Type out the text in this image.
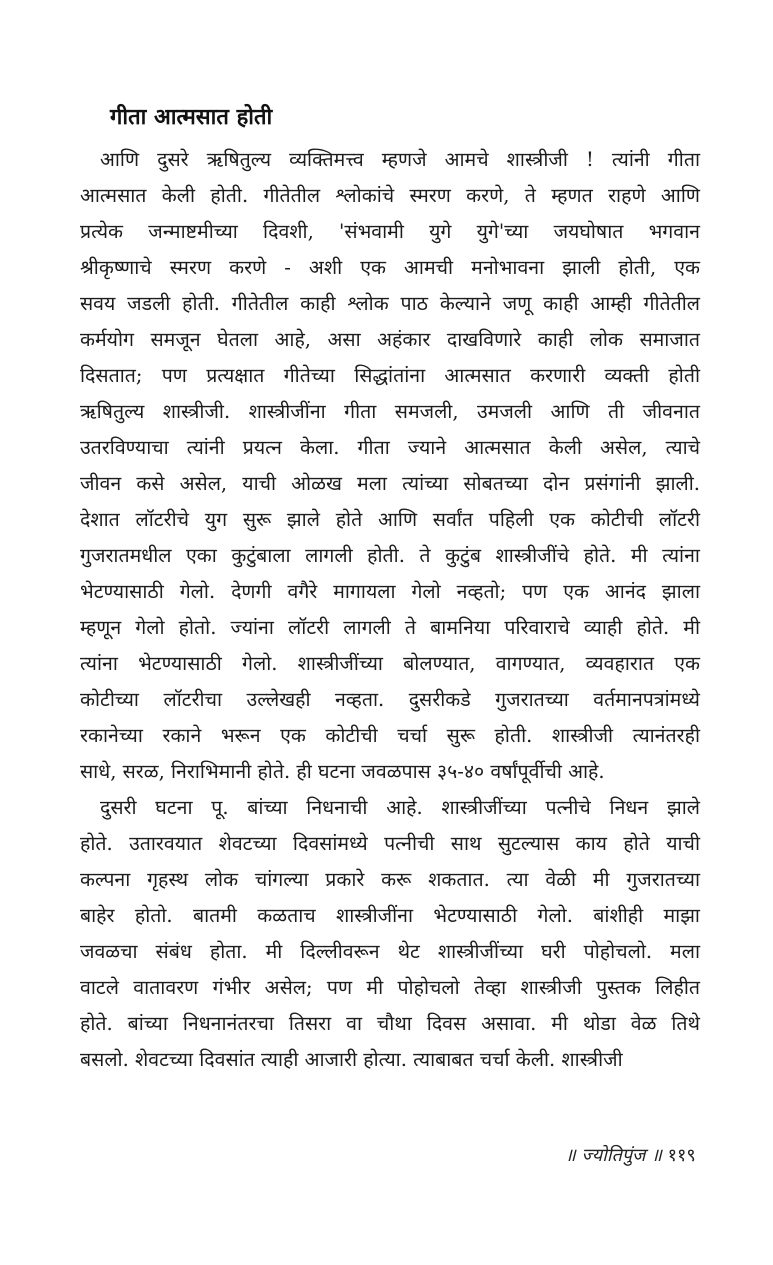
गीता आत्मसात होती
आणि दुसरे ऋषितुल्य व्यक्तिमत्त्व म्हणजे आमचे शास्त्रीजी ! त्यांनी गीता
आत्मसात केली होती. गीतेतील श्लोकांचे स्मरण करणे, ते म्हणत राहणे आणि
प्रत्येक जन्माष्टमीच्या दिवशी, 'संभवामी युगे युगे'च्या जयघोषात भगवान
श्रीकृष्णाचे स्मरण करणे - अशी एक आमची मनोभावना झाली होती, एक
सवय जडली होती. गीतेतील काही श्लोक पाठ केल्याने जणू काही आम्ही गीतेतील
कर्मयोग समजून घेतला आहे, असा अहंकार दाखविणारे काही लोक समाजात
दिसतात; पण प्रत्यक्षात गीतेच्या सिद्धांतांना आत्मसात करणारी व्यक्ती होती
ऋषितुल्य शास्त्रीजी. शास्त्रीजींना गीता समजली, उमजली आणि ती जीवनात
उतरविण्याचा त्यांनी प्रयत्न केला. गीता ज्याने आत्मसात केली असेल, त्याचे
जीवन कसे असेल, याची ओळख मला त्यांच्या सोबतच्या दोन प्रसंगांनी झाली.
देशात लॉटरीचे युग सुरू झाले होते आणि सर्वांत पहिली एक कोटीची लॉटरी
गुजरातमधील एका कुटुंबाला लागली होती. ते कुटुंब शास्त्रीजींचे होते. मी त्यांना
भेटण्यासाठी गेलो. देणगी वगैरे मागायला गेलो नव्हतो; पण एक आनंद झाला
म्हणून गेलो होतो. ज्यांना लॉटरी लागली ते बामनिया परिवाराचे व्याही होते. मी
त्यांना भेटण्यासाठी गेलो. शास्त्रीजींच्या बोलण्यात, वागण्यात, व्यवहारात एक
कोटीच्या लॉटरीचा उल्लेखही नव्हता. दुसरीकडे गुजरातच्या वर्तमानपत्रांमध्ये
रकानेच्या रकाने भरून एक कोटीची चर्चा सुरू होती. शास्त्रीजी त्यानंतरही
साधे, सरळ, निराभिमानी होते. ही घटना जवळपास ३५-४० वर्षांपूर्वीची आहे.
दुसरी घटना पू. बांच्या निधनाची आहे. शास्त्रीजींच्या पत्नीचे निधन झाले
होते. उतारवयात शेवटच्या दिवसांमध्ये पत्नीची साथ सुटल्यास काय होते याची
कल्पना गृहस्थ लोक चांगल्या प्रकारे करू शकतात. त्या वेळी मी गुजरातच्या
बाहेर होतो. बातमी कळताच शास्त्रीजींना भेटण्यासाठी गेलो. बांशीही माझा
जवळचा संबंध होता. मी दिल्लीवरून थेट शास्त्रीजींच्या घरी पोहोचलो. मला
वाटले वातावरण गंभीर असेल; पण मी पोहोचलो तेव्हा शास्त्रीजी पुस्तक लिहीत
होते. बांच्या निधनानंतरचा तिसरा वा चौथा दिवस असावा. मी थोडा वेळ तिथे
बसलो. शेवटच्या दिवसांत त्याही आजारी होत्या. त्याबाबत चर्चा केली. शास्त्रीजी
॥ ज्योतिपुंज ॥ ११९
